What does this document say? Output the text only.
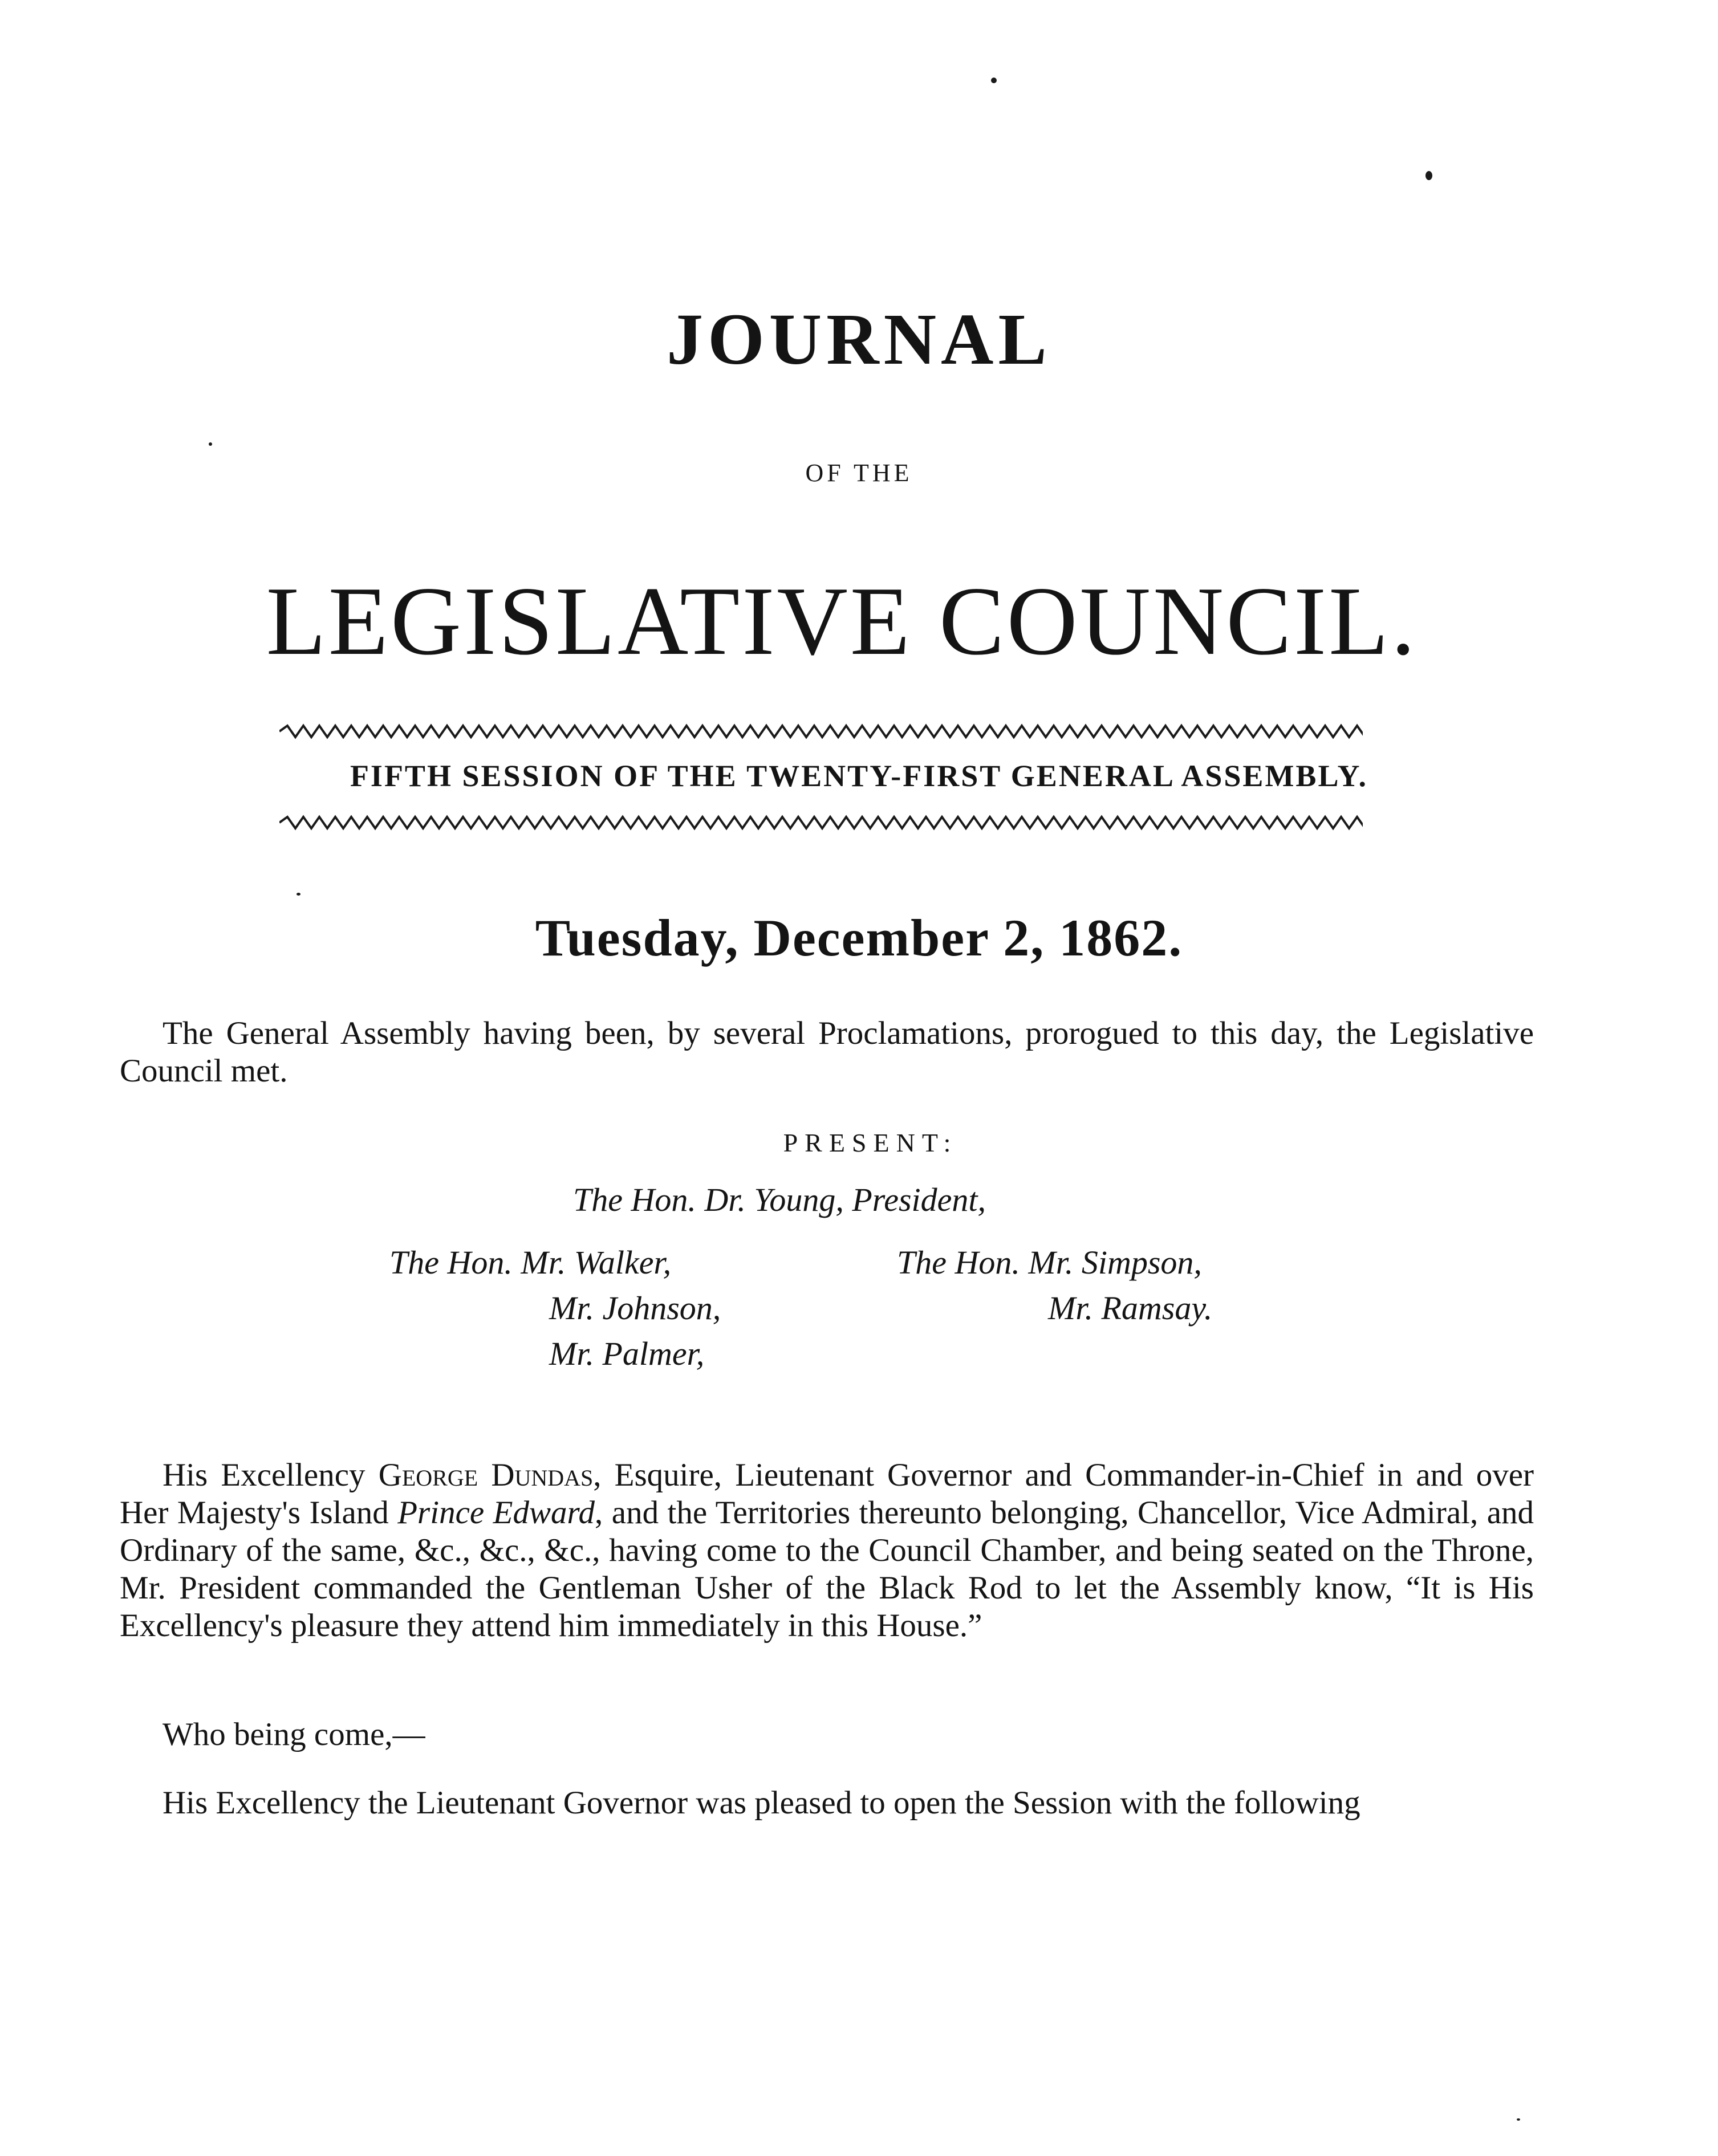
JOURNAL
OF THE
LEGISLATIVE COUNCIL.
FIFTH SESSION OF THE TWENTY-FIRST GENERAL ASSEMBLY.
Tuesday, December 2, 1862.

The General Assembly having been, by several Proclamations, prorogued to this day, the Legislative Council met.

PRESENT:
The Hon. Dr. Young, President,
The Hon. Mr. Walker,
Mr. Johnson,
Mr. Palmer,
The Hon. Mr. Simpson,
Mr. Ramsay.

His Excellency George Dundas, Esquire, Lieutenant Governor and Commander-in-Chief in and over Her Majesty's Island Prince Edward, and the Territories thereunto belonging, Chancellor, Vice Admiral, and Ordinary of the same, &c., &c., &c., having come to the Council Chamber, and being seated on the Throne, Mr. President commanded the Gentleman Usher of the Black Rod to let the Assembly know, “It is His Excellency's pleasure they attend him immediately in this House.”

Who being come,—

His Excellency the Lieutenant Governor was pleased to open the Session with the following
